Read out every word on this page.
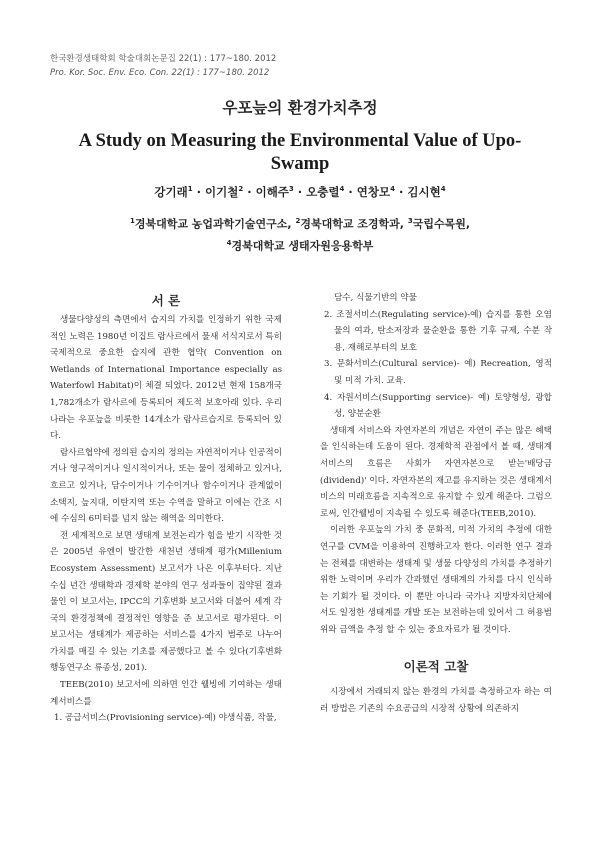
한국환경생태학회 학술대회논문집 22(1) : 177~180. 2012
Pro. Kor. Soc. Env. Eco. Con. 22(1) : 177~180. 2012
우포늪의 환경가치추정
A Study on Measuring the Environmental Value of Upo-Swamp
강기래$^1$ · 이기철$^2$ · 이해주$^3$ · 오충렬$^4$ · 연창모$^4$ · 김시현$^4$
$^1$경북대학교 농업과학기술연구소, $^2$경북대학교 조경학과, $^3$국립수목원,
$^4$경북대학교 생태자원응용학부
서 론

생물다양성의 측면에서 습지의 가치를 인정하기 위한 국제적인 노력은 1980년 이집트 람사르에서 물새 서식지로서 특히 국제적으로 중요한 습지에 관한 협약( Convention on Wetlands of International Importance especially as Waterfowl Habitat)이 체결 되었다. 2012년 현재 158개국 1,782개소가 람사르에 등록되어 제도적 보호아래 있다. 우리나라는 우포늪을 비롯한 14개소가 람사르습지로 등록되어 있다.

람사르협약에 정의된 습지의 정의는 자연적이거나 인공적이거나 영구적이거나 일시적이거나, 또는 물이 정체하고 있거나, 흐르고 있거나, 담수이거나 기수이거나 함수이거나 관계없이 소택지, 늪지대, 이탄지역 또는 수역을 말하고 이에는 간조 시에 수심의 6미터를 넘지 않는 해역을 의미한다.

전 세계적으로 보면 생태계 보전논리가 힘을 받기 시작한 것은 2005년 유엔이 발간한 새천년 생태계 평가(Millenium Ecosystem Assessment) 보고서가 나온 이후부터다. 지난 수십 년간 생태학과 경제학 분야의 연구 성과들이 집약된 결과물인 이 보고서는, IPCC의 기후변화 보고서와 더불어 세계 각국의 환경정책에 결정적인 영향을 준 보고서로 평가된다. 이 보고서는 생태계가 제공하는 서비스를 4가지 범주로 나누어 가치를 매길 수 있는 기초를 제공했다고 볼 수 있다(기후변화행동연구소 류종성, 201).

TEEB(2010) 보고서에 의하면 인간 웰빙에 기여하는 생태계서비스를

1. 공급서비스(Provisioning service)-예) 야생식품, 작물,

담수, 식물기반의 약물

2. 조절서비스(Regulating service)-예) 습지를 통한 오염물의 여과, 탄소저장과 물순환을 통한 기후 규제, 수분 작용, 재해로부터의 보호

3. 문화서비스(Cultural service)- 예) Recreation, 영적 및 미적 가치. 교육.

4. 자원서비스(Supporting service)- 예) 토양형성, 광합성, 양분순환

생태계 서비스와 자연자본의 개념은 자연이 주는 많은 혜택을 인식하는데 도움이 된다. 경제학적 관점에서 볼 때, 생태계 서비스의 흐름은 사회가 자연자본으로 받는'배당금(dividend)' 이다. 자연자본의 재고를 유지하는 것은 생태계서비스의 미래흐름을 지속적으로 유지할 수 있게 해준다. 그럼으로써, 인간웰빙이 지속될 수 있도록 해준다(TEEB,2010).

이러한 우포늪의 가치 중 문화적, 미적 가치의 추정에 대한 연구를 CVM을 이용하여 진행하고자 한다. 이러한 연구 결과는 전체를 대변하는 생태계 및 생물 다양성의 가치를 추정하기 위한 노력이며 우리가 간과했던 생태계의 가치를 다시 인식하는 기회가 될 것이다. 이 뿐만 아니라 국가나 지방자치단체에서도 일정한 생태계를 개발 또는 보전하는데 있어서 그 허용범위와 금액을 추정 할 수 있는 중요자료가 될 것이다.

이론적 고찰

시장에서 거래되지 않는 환경의 가치를 측정하고자 하는 여러 방법은 기존의 수요공급의 시장적 상황에 의존하지
